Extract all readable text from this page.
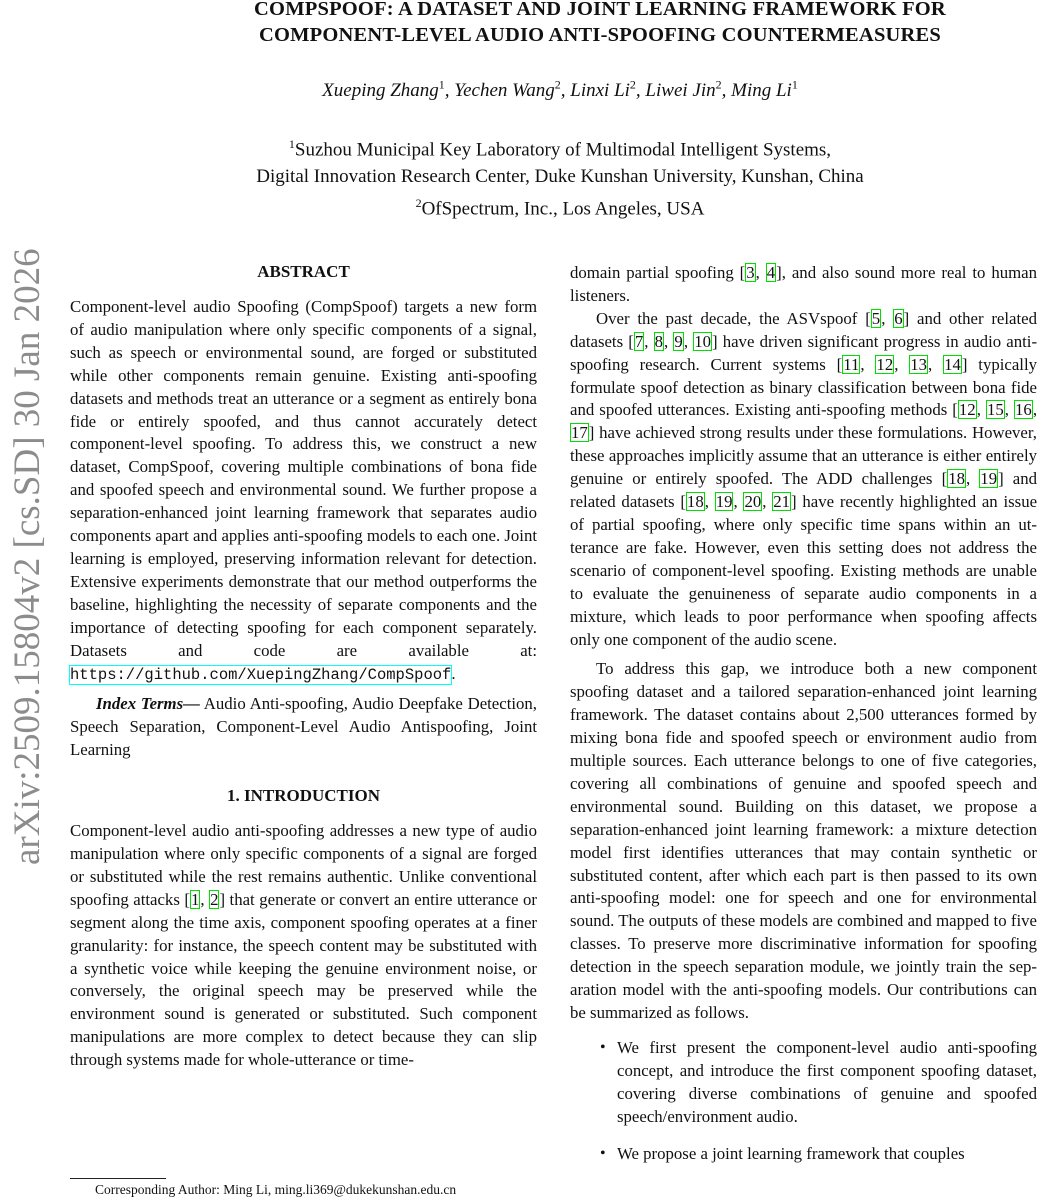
arXiv:2509.15804v2 [cs.SD] 30 Jan 2026
COMPSPOOF: A DATASET AND JOINT LEARNING FRAMEWORK FOR
COMPONENT-LEVEL AUDIO ANTI-SPOOFING COUNTERMEASURES
Xueping Zhang$^1$, Yechen Wang$^2$, Linxi Li$^2$, Liwei Jin$^2$, Ming Li$^1$
$^1$Suzhou Municipal Key Laboratory of Multimodal Intelligent Systems,
Digital Innovation Research Center, Duke Kunshan University, Kunshan, China
$^2$OfSpectrum, Inc., Los Angeles, USA
ABSTRACT

Component-level audio Spoofing (CompSpoof) targets a new form of audio manipulation where only specific components of a signal, such as speech or environmental sound, are forged or substituted while other components remain genuine. Existing anti-spoofing datasets and methods treat an utterance or a segment as entirely bona fide or entirely spoofed, and thus cannot accurately detect component-level spoofing. To address this, we construct a new dataset, CompSpoof, covering multiple combinations of bona fide and spoofed speech and environmental sound. We further propose a separation-enhanced joint learning framework that separates audio components apart and applies anti-spoofing models to each one. Joint learning is employed, preserving information relevant for detection. Extensive experiments demonstrate that our method outperforms the baseline, highlighting the necessity of separate components and the importance of detecting spoofing for each component separately. Datasets and code are available at: https://github.com/XuepingZhang/CompSpoof.

Index Terms— Audio Anti-spoofing, Audio Deepfake Detection, Speech Separation, Component-Level Audio Antispoofing, Joint Learning

1. INTRODUCTION

Component-level audio anti-spoofing addresses a new type of audio manipulation where only specific components of a signal are forged or substituted while the rest remains authentic. Unlike conventional spoofing attacks [1, 2] that generate or convert an entire utterance or segment along the time axis, component spoofing operates at a finer granularity: for instance, the speech content may be substituted with a synthetic voice while keeping the genuine environment noise, or conversely, the original speech may be preserved while the environment sound is generated or substituted. Such component manipulations are more complex to detect because they can slip through systems made for whole-utterance or time-

domain partial spoofing [3, 4], and also sound more real to human listeners.

Over the past decade, the ASVspoof [5, 6] and other related datasets [7, 8, 9, 10] have driven significant progress in audio anti-spoofing research. Current systems [11, 12, 13, 14] typically formulate spoof detection as binary classification between bona fide and spoofed utterances. Existing anti-spoofing methods [12, 15, 16, 17] have achieved strong results under these formulations. However, these approaches implicitly assume that an utterance is either entirely genuine or entirely spoofed. The ADD challenges [18, 19] and related datasets [18, 19, 20, 21] have recently highlighted an issue of partial spoofing, where only specific time spans within an utterance are fake. However, even this setting does not address the scenario of component-level spoofing. Existing methods are unable to evaluate the genuineness of separate audio components in a mixture, which leads to poor performance when spoofing affects only one component of the audio scene.

To address this gap, we introduce both a new component spoofing dataset and a tailored separation-enhanced joint learning framework. The dataset contains about 2,500 utterances formed by mixing bona fide and spoofed speech or environment audio from multiple sources. Each utterance belongs to one of five categories, covering all combinations of genuine and spoofed speech and environmental sound. Building on this dataset, we propose a separation-enhanced joint learning framework: a mixture detection model first identifies utterances that may contain synthetic or substituted content, after which each part is then passed to its own anti-spoofing model: one for speech and one for environmental sound. The outputs of these models are combined and mapped to five classes. To preserve more discriminative information for spoofing detection in the speech separation module, we jointly train the separation model with the anti-spoofing models. Our contributions can be summarized as follows.

• We first present the component-level audio anti-spoofing concept, and introduce the first component spoofing dataset, covering diverse combinations of genuine and spoofed speech/environment audio.

• We propose a joint learning framework that couples

Corresponding Author: Ming Li, ming.li369@dukekunshan.edu.cn
